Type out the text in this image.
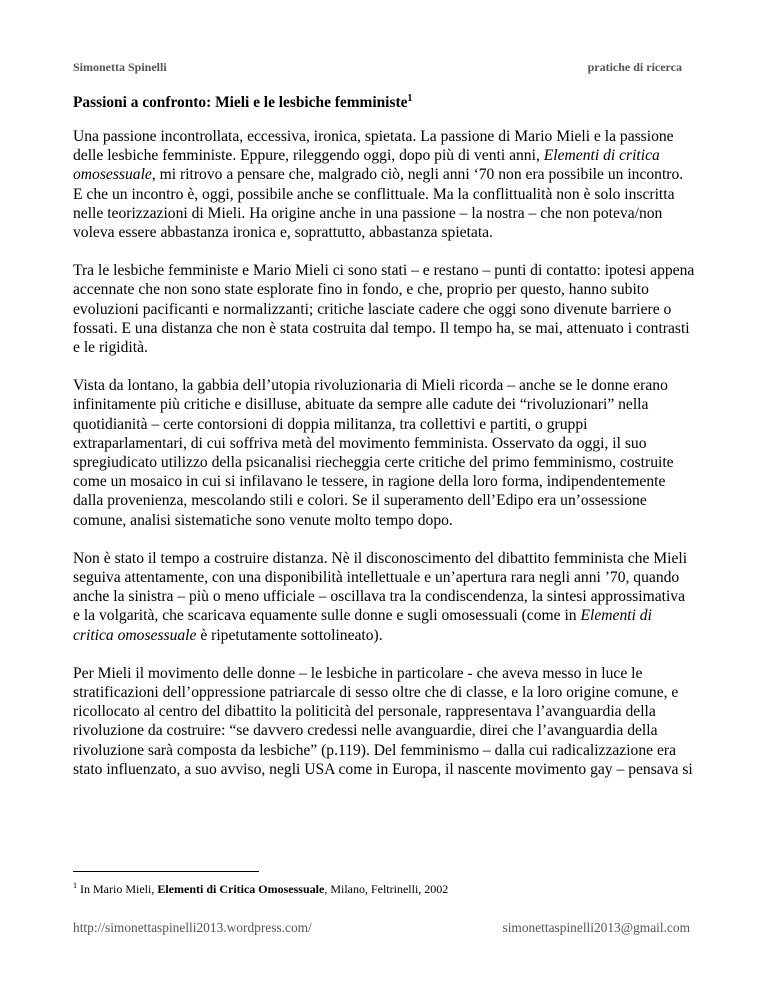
Simonetta Spinelli	pratiche di ricerca
Passioni a confronto: Mieli e le lesbiche femministe$^1$

Una passione incontrollata, eccessiva, ironica, spietata. La passione di Mario Mieli e la passione delle lesbiche femministe. Eppure, rileggendo oggi, dopo più di venti anni, Elementi di critica omosessuale, mi ritrovo a pensare che, malgrado ciò, negli anni ‘70 non era possibile un incontro. E che un incontro è, oggi, possibile anche se conflittuale. Ma la conflittualità non è solo inscritta nelle teorizzazioni di Mieli. Ha origine anche in una passione – la nostra – che non poteva/non voleva essere abbastanza ironica e, soprattutto, abbastanza spietata.

Tra le lesbiche femministe e Mario Mieli ci sono stati – e restano – punti di contatto: ipotesi appena accennate che non sono state esplorate fino in fondo, e che, proprio per questo, hanno subito evoluzioni pacificanti e normalizzanti; critiche lasciate cadere che oggi sono divenute barriere o fossati. E una distanza che non è stata costruita dal tempo. Il tempo ha, se mai, attenuato i contrasti e le rigidità.

Vista da lontano, la gabbia dell’utopia rivoluzionaria di Mieli ricorda – anche se le donne erano infinitamente più critiche e disilluse, abituate da sempre alle cadute dei “rivoluzionari” nella quotidianità – certe contorsioni di doppia militanza, tra collettivi e partiti, o gruppi extraparlamentari, di cui soffriva metà del movimento femminista. Osservato da oggi, il suo spregiudicato utilizzo della psicanalisi riecheggia certe critiche del primo femminismo, costruite come un mosaico in cui si infilavano le tessere, in ragione della loro forma, indipendentemente dalla provenienza, mescolando stili e colori. Se il superamento dell’Edipo era un’ossessione comune, analisi sistematiche sono venute molto tempo dopo.

Non è stato il tempo a costruire distanza. Nè il disconoscimento del dibattito femminista che Mieli seguiva attentamente, con una disponibilità intellettuale e un’apertura rara negli anni ’70, quando anche la sinistra – più o meno ufficiale – oscillava tra la condiscendenza, la sintesi approssimativa e la volgarità, che scaricava equamente sulle donne e sugli omosessuali (come in Elementi di critica omosessuale è ripetutamente sottolineato).

Per Mieli il movimento delle donne – le lesbiche in particolare - che aveva messo in luce le stratificazioni dell’oppressione patriarcale di sesso oltre che di classe, e la loro origine comune, e ricollocato al centro del dibattito la politicità del personale, rappresentava l’avanguardia della rivoluzione da costruire: “se davvero credessi nelle avanguardie, direi che l’avanguardia della rivoluzione sarà composta da lesbiche” (p.119). Del femminismo – dalla cui radicalizzazione era stato influenzato, a suo avviso, negli USA come in Europa, il nascente movimento gay – pensava si

$^1$ In Mario Mieli, Elementi di Critica Omosessuale, Milano, Feltrinelli, 2002
http://simonettaspinelli2013.wordpress.com/	simonettaspinelli2013@gmail.com
